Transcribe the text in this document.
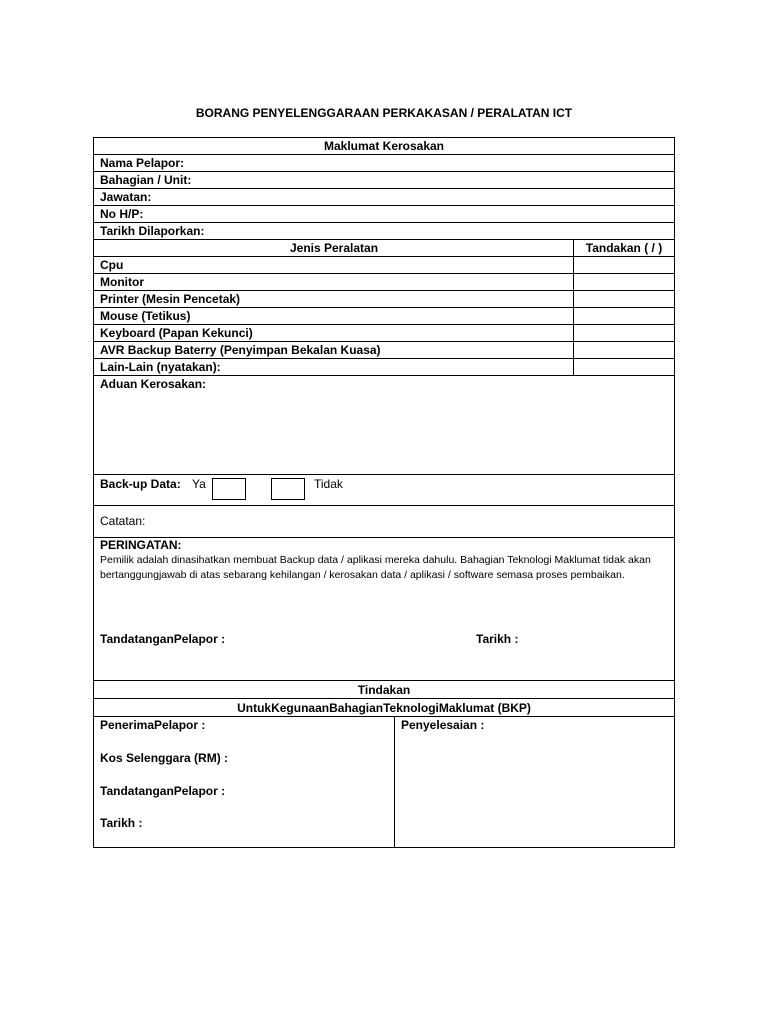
BORANG PENYELENGGARAAN PERKAKASAN / PERALATAN ICT
Maklumat Kerosakan
Nama Pelapor:
Bahagian / Unit:
Jawatan:
No H/P:
Tarikh Dilaporkan:
Jenis Peralatan	Tandakan ( / )
Cpu
Monitor
Printer (Mesin Pencetak)
Mouse (Tetikus)
Keyboard (Papan Kekunci)
AVR Backup Baterry (Penyimpan Bekalan Kuasa)
Lain-Lain (nyatakan):
Aduan Kerosakan:
Back-up Data: Ya	Tidak
Catatan:
PERINGATAN:
Pemilik adalah dinasihatkan membuat Backup data / aplikasi mereka dahulu. Bahagian Teknologi Maklumat tidak akan bertanggungjawab di atas sebarang kehilangan / kerosakan data / aplikasi / software semasa proses pembaikan.
TandatanganPelapor :	Tarikh :
Tindakan
UntukKegunaanBahagianTeknologiMaklumat (BKP)
PenerimaPelapor :
Kos Selenggara (RM) :
TandatanganPelapor :
Tarikh :
Penyelesaian :
